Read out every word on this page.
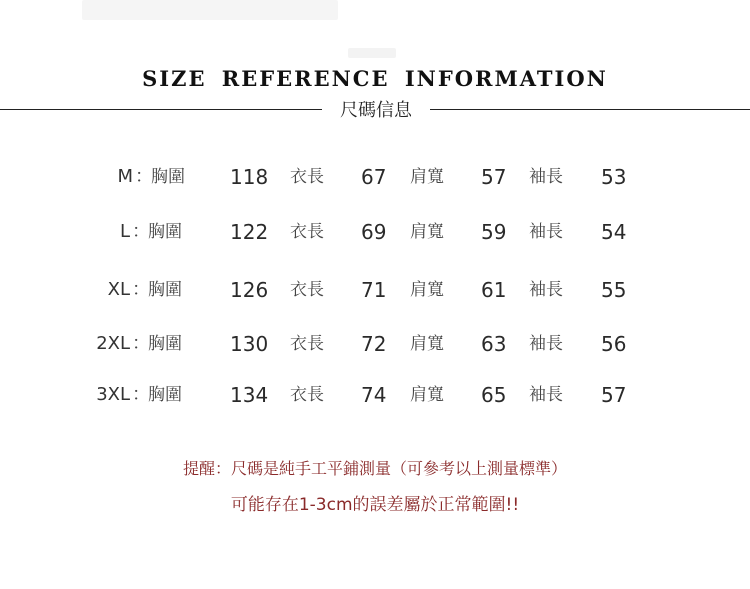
SIZE REFERENCE INFORMATION
尺碼信息
M ：
胸圍 118 衣長 67 肩寬 57 袖長 53
L ：
胸圍 122 衣長 69 肩寬 59 袖長 54
XL ：
胸圍 126 衣長 71 肩寬 61 袖長 55
2XL ：
胸圍 130 衣長 72 肩寬 63 袖長 56
3XL ：
胸圍 134 衣長 74 肩寬 65 袖長 57
提醒：尺碼是純手工平鋪測量（可參考以上測量標準）
可能存在1-3cm的誤差屬於正常範圍!!
